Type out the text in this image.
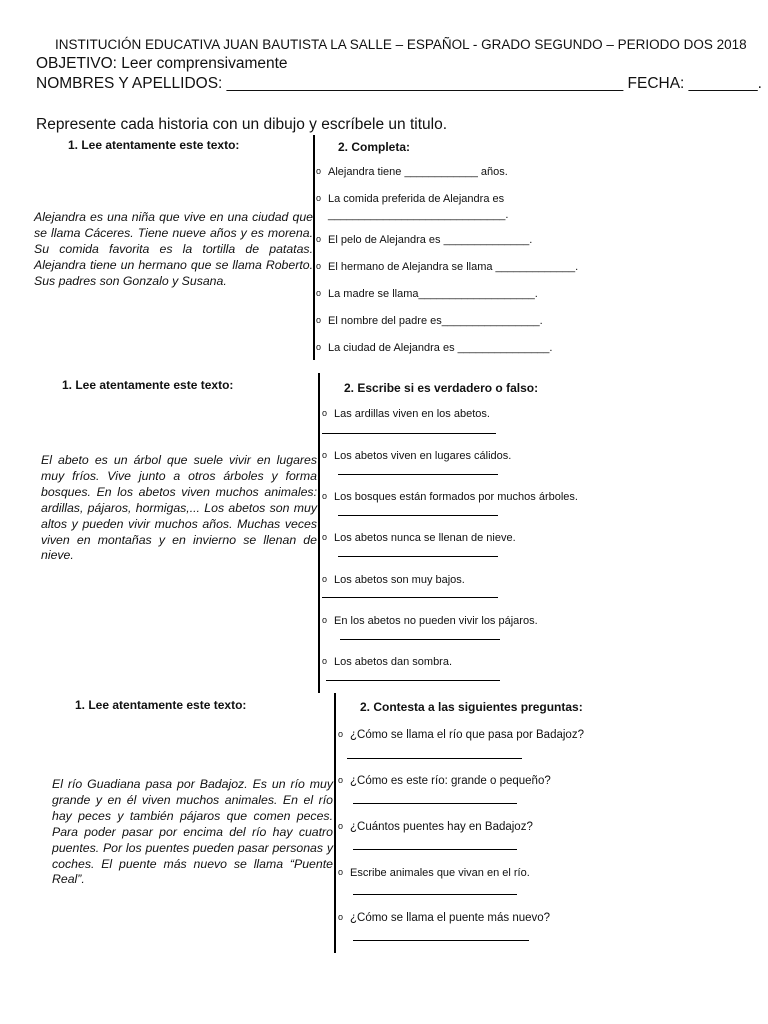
INSTITUCIÓN EDUCATIVA JUAN BAUTISTA LA SALLE – ESPAÑOL - GRADO SEGUNDO – PERIODO DOS 2018
OBJETIVO: Leer comprensivamente
NOMBRES Y APELLIDOS: ______________________________________________ FECHA: ________.
Represente cada historia con un dibujo y escríbele un titulo.
1. Lee atentamente este texto:
Alejandra es una niña que vive en una ciudad que se llama Cáceres. Tiene nueve años y es morena. Su comida favorita es la tortilla de patatas. Alejandra tiene un hermano que se llama Roberto. Sus padres son Gonzalo y Susana.
2. Completa:
o Alejandra tiene ____________ años.
o La comida preferida de Alejandra es
_____________________________.
o El pelo de Alejandra es ______________.
o El hermano de Alejandra se llama _____________.
o La madre se llama___________________.
o El nombre del padre es________________.
o La ciudad de Alejandra es _______________.
1. Lee atentamente este texto:
El abeto es un árbol que suele vivir en lugares muy fríos. Vive junto a otros árboles y forma bosques. En los abetos viven muchos animales: ardillas, pájaros, hormigas,... Los abetos son muy altos y pueden vivir muchos años. Muchas veces viven en montañas y en invierno se llenan de nieve.
2. Escribe si es verdadero o falso:
o Las ardillas viven en los abetos.
o Los abetos viven en lugares cálidos.
o Los bosques están formados por muchos árboles.
o Los abetos nunca se llenan de nieve.
o Los abetos son muy bajos.
o En los abetos no pueden vivir los pájaros.
o Los abetos dan sombra.
1. Lee atentamente este texto:
El río Guadiana pasa por Badajoz. Es un río muy grande y en él viven muchos animales. En el río hay peces y también pájaros que comen peces. Para poder pasar por encima del río hay cuatro puentes. Por los puentes pueden pasar personas y coches. El puente más nuevo se llama “Puente Real”.
2. Contesta a las siguientes preguntas:
o ¿Cómo se llama el río que pasa por Badajoz?
o ¿Cómo es este río: grande o pequeño?
o ¿Cuántos puentes hay en Badajoz?
o Escribe animales que vivan en el río.
o ¿Cómo se llama el puente más nuevo?
